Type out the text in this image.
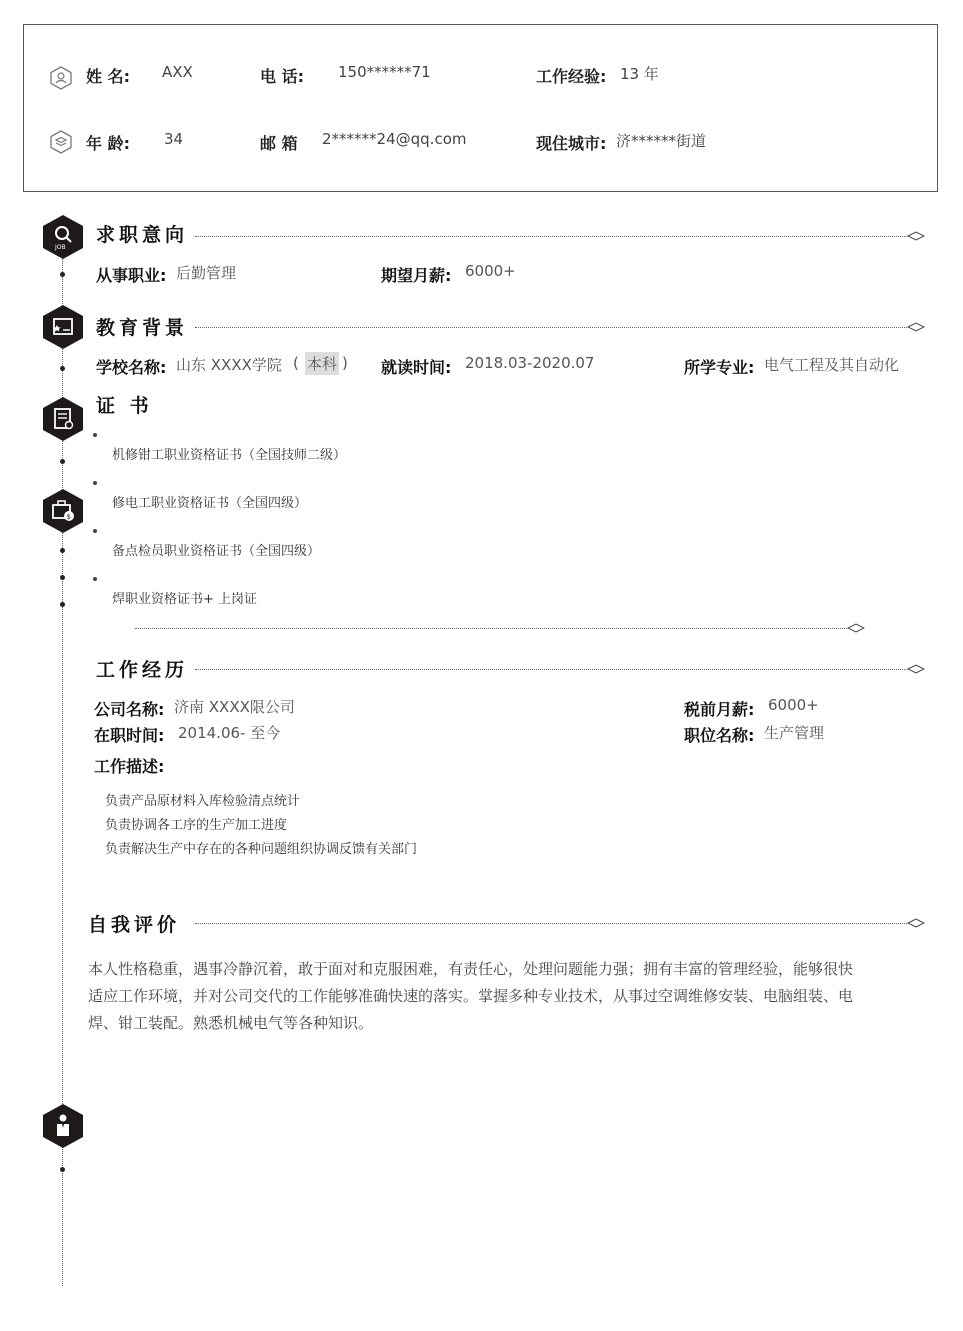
姓 名: AXX	电 话: 150******71	工作经验: 13 年
年 龄: 34	邮 箱 2******24@qq.com	现住城市: 济******街道
JOB
求职意向
从事职业: 后勤管理	期望月薪: 6000+
教育背景
学校名称: 山东 XXXX学院 ( 本科 ) 就读时间: 2018.03-2020.07	所学专业: 电气工程及其自动化
证 书
$
机修钳工职业资格证书（全国技师二级）
修电工职业资格证书（全国四级）
备点检员职业资格证书（全国四级）
焊职业资格证书+ 上岗证
工作经历
公司名称: 济南 XXXX限公司	税前月薪: 6000+
在职时间: 2014.06- 至今	职位名称: 生产管理
工作描述:
负责产品原材料入库检验清点统计
负责协调各工序的生产加工进度
负责解决生产中存在的各种问题组织协调反馈有关部门
自我评价
本人性格稳重，遇事冷静沉着，敢于面对和克服困难，有责任心，处理问题能力强；拥有丰富的管理经验，能够很快
适应工作环境，并对公司交代的工作能够准确快速的落实。掌握多种专业技术，从事过空调维修安装、电脑组装、电
焊、钳工装配。熟悉机械电气等各种知识。
